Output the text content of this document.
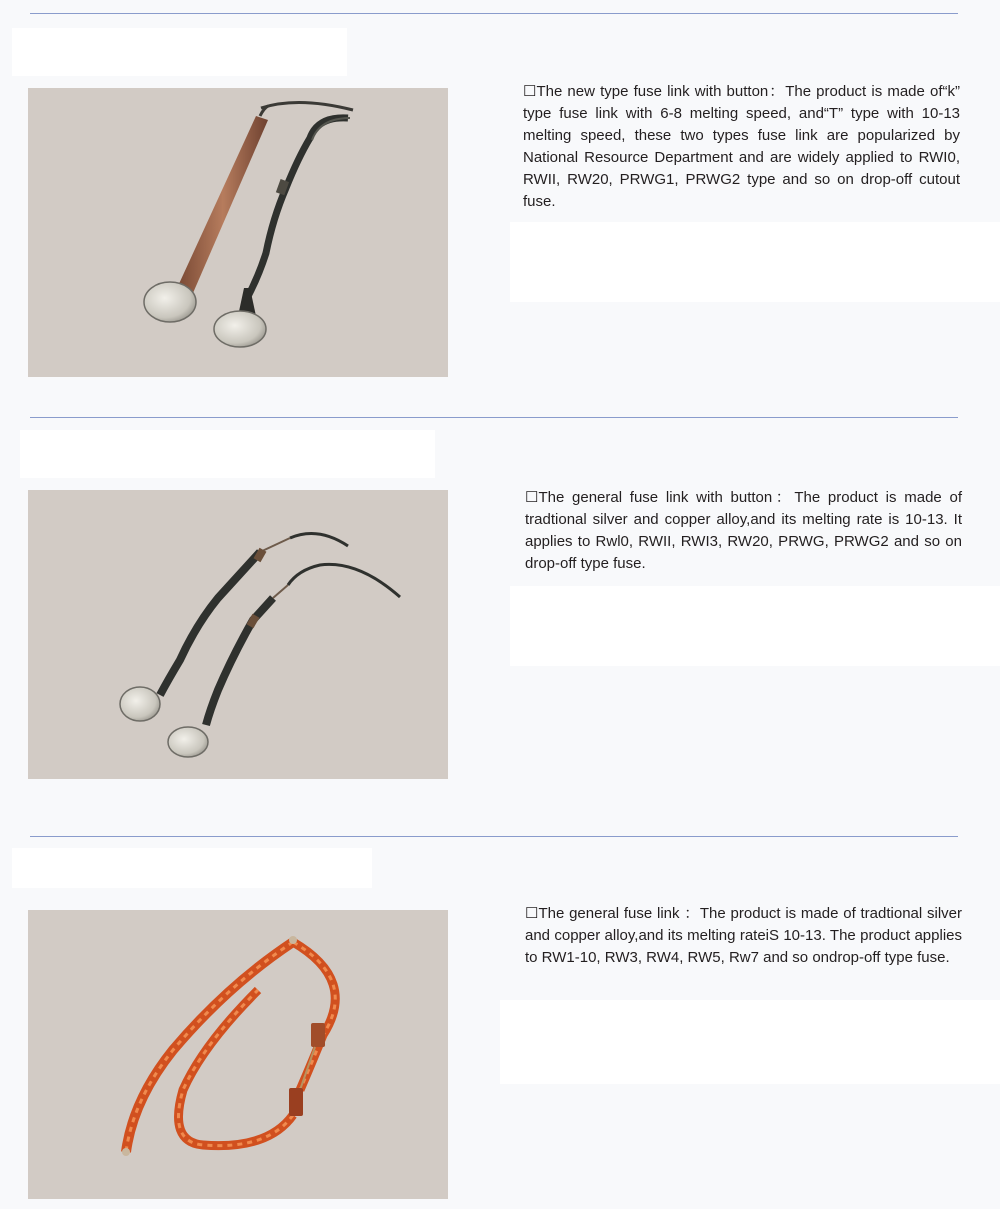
☐The new type fuse link with button：The product is made of“k” type fuse link with 6-8 melting speed, and“T” type with 10-13 melting speed, these two types fuse link are popularized by National Resource Department and are widely applied to RWI0, RWII, RW20, PRWG1, PRWG2 type and so on drop-off cutout fuse.

☐The general fuse link with button：The product is made of tradtional silver and copper alloy,and its melting rate is 10-13. It applies to Rwl0, RWII, RWI3, RW20, PRWG, PRWG2 and so on drop-off type fuse.

☐The general fuse link ：The product is made of tradtional silver and copper alloy,and its melting rateiS 10-13. The product applies to RW1-10, RW3, RW4, RW5, Rw7 and so ondrop-off type fuse.
